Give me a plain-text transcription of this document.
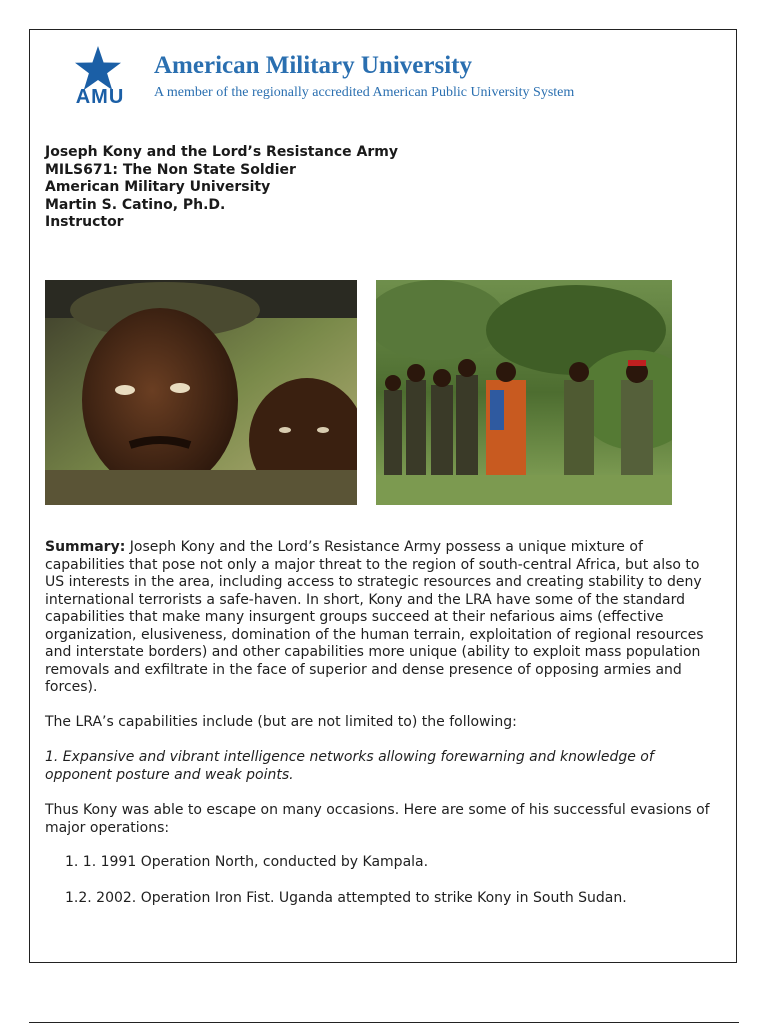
AMU
American Military University
A member of the regionally accredited American Public University System
Joseph Kony and the Lord’s Resistance Army
MILS671: The Non State Soldier
American Military University
Martin S. Catino, Ph.D.
Instructor
Summary: Joseph Kony and the Lord’s Resistance Army possess a unique mixture of capabilities that pose not only a major threat to the region of south-central Africa, but also to US interests in the area, including access to strategic resources and creating stability to deny international terrorists a safe-haven. In short, Kony and the LRA have some of the standard capabilities that make many insurgent groups succeed at their nefarious aims (effective organization, elusiveness, domination of the human terrain, exploitation of regional resources and interstate borders) and other capabilities more unique (ability to exploit mass population removals and exfiltrate in the face of superior and dense presence of opposing armies and forces).
The LRA’s capabilities include (but are not limited to) the following:
1. Expansive and vibrant intelligence networks allowing forewarning and knowledge of opponent posture and weak points.
Thus Kony was able to escape on many occasions. Here are some of his successful evasions of major operations:
1. 1. 1991 Operation North, conducted by Kampala.
1.2. 2002. Operation Iron Fist. Uganda attempted to strike Kony in South Sudan.
